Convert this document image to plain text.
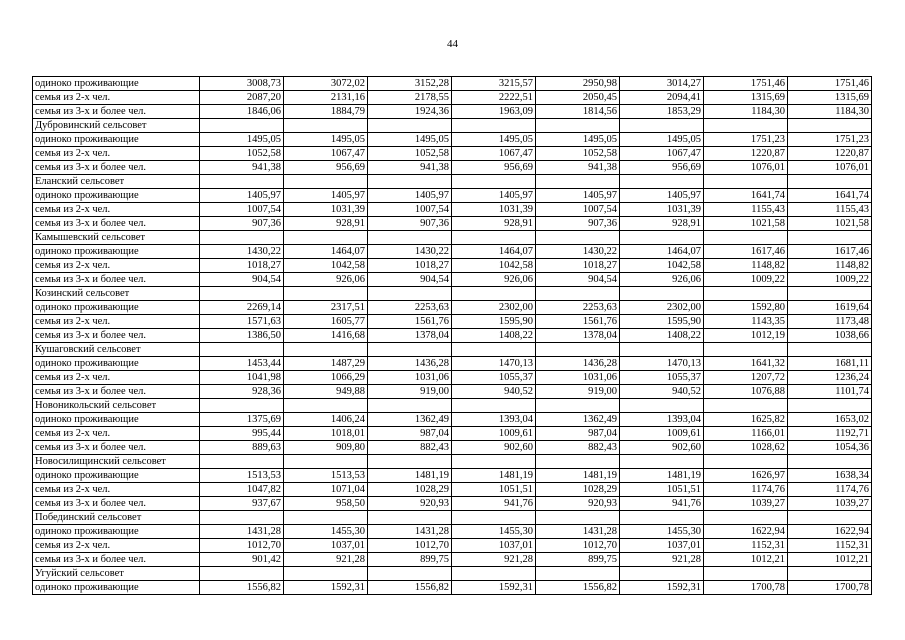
44
одиноко проживающие	3008,73	3072,02	3152,28	3215,57	2950,98	3014,27	1751,46	1751,46
семья из 2-х чел.	2087,20	2131,16	2178,55	2222,51	2050,45	2094,41	1315,69	1315,69
семья из 3-х и более чел.	1846,06	1884,79	1924,36	1963,09	1814,56	1853,29	1184,30	1184,30
Дубровинский сельсовет								
одиноко проживающие	1495,05	1495,05	1495,05	1495,05	1495,05	1495,05	1751,23	1751,23
семья из 2-х чел.	1052,58	1067,47	1052,58	1067,47	1052,58	1067,47	1220,87	1220,87
семья из 3-х и более чел.	941,38	956,69	941,38	956,69	941,38	956,69	1076,01	1076,01
Еланский сельсовет								
одиноко проживающие	1405,97	1405,97	1405,97	1405,97	1405,97	1405,97	1641,74	1641,74
семья из 2-х чел.	1007,54	1031,39	1007,54	1031,39	1007,54	1031,39	1155,43	1155,43
семья из 3-х и более чел.	907,36	928,91	907,36	928,91	907,36	928,91	1021,58	1021,58
Камышевский сельсовет								
одиноко проживающие	1430,22	1464,07	1430,22	1464,07	1430,22	1464,07	1617,46	1617,46
семья из 2-х чел.	1018,27	1042,58	1018,27	1042,58	1018,27	1042,58	1148,82	1148,82
семья из 3-х и более чел.	904,54	926,06	904,54	926,06	904,54	926,06	1009,22	1009,22
Козинский сельсовет								
одиноко проживающие	2269,14	2317,51	2253,63	2302,00	2253,63	2302,00	1592,80	1619,64
семья из 2-х чел.	1571,63	1605,77	1561,76	1595,90	1561,76	1595,90	1143,35	1173,48
семья из 3-х и более чел.	1386,50	1416,68	1378,04	1408,22	1378,04	1408,22	1012,19	1038,66
Кушаговский сельсовет								
одиноко проживающие	1453,44	1487,29	1436,28	1470,13	1436,28	1470,13	1641,32	1681,11
семья из 2-х чел.	1041,98	1066,29	1031,06	1055,37	1031,06	1055,37	1207,72	1236,24
семья из 3-х и более чел.	928,36	949,88	919,00	940,52	919,00	940,52	1076,88	1101,74
Новоникольский сельсовет								
одиноко проживающие	1375,69	1406,24	1362,49	1393,04	1362,49	1393,04	1625,82	1653,02
семья из 2-х чел.	995,44	1018,01	987,04	1009,61	987,04	1009,61	1166,01	1192,71
семья из 3-х и более чел.	889,63	909,80	882,43	902,60	882,43	902,60	1028,62	1054,36
Новосилищинский сельсовет								
одиноко проживающие	1513,53	1513,53	1481,19	1481,19	1481,19	1481,19	1626,97	1638,34
семья из 2-х чел.	1047,82	1071,04	1028,29	1051,51	1028,29	1051,51	1174,76	1174,76
семья из 3-х и более чел.	937,67	958,50	920,93	941,76	920,93	941,76	1039,27	1039,27
Побединский сельсовет								
одиноко проживающие	1431,28	1455,30	1431,28	1455,30	1431,28	1455,30	1622,94	1622,94
семья из 2-х чел.	1012,70	1037,01	1012,70	1037,01	1012,70	1037,01	1152,31	1152,31
семья из 3-х и более чел.	901,42	921,28	899,75	921,28	899,75	921,28	1012,21	1012,21
Угуйский сельсовет								
одиноко проживающие	1556,82	1592,31	1556,82	1592,31	1556,82	1592,31	1700,78	1700,78
